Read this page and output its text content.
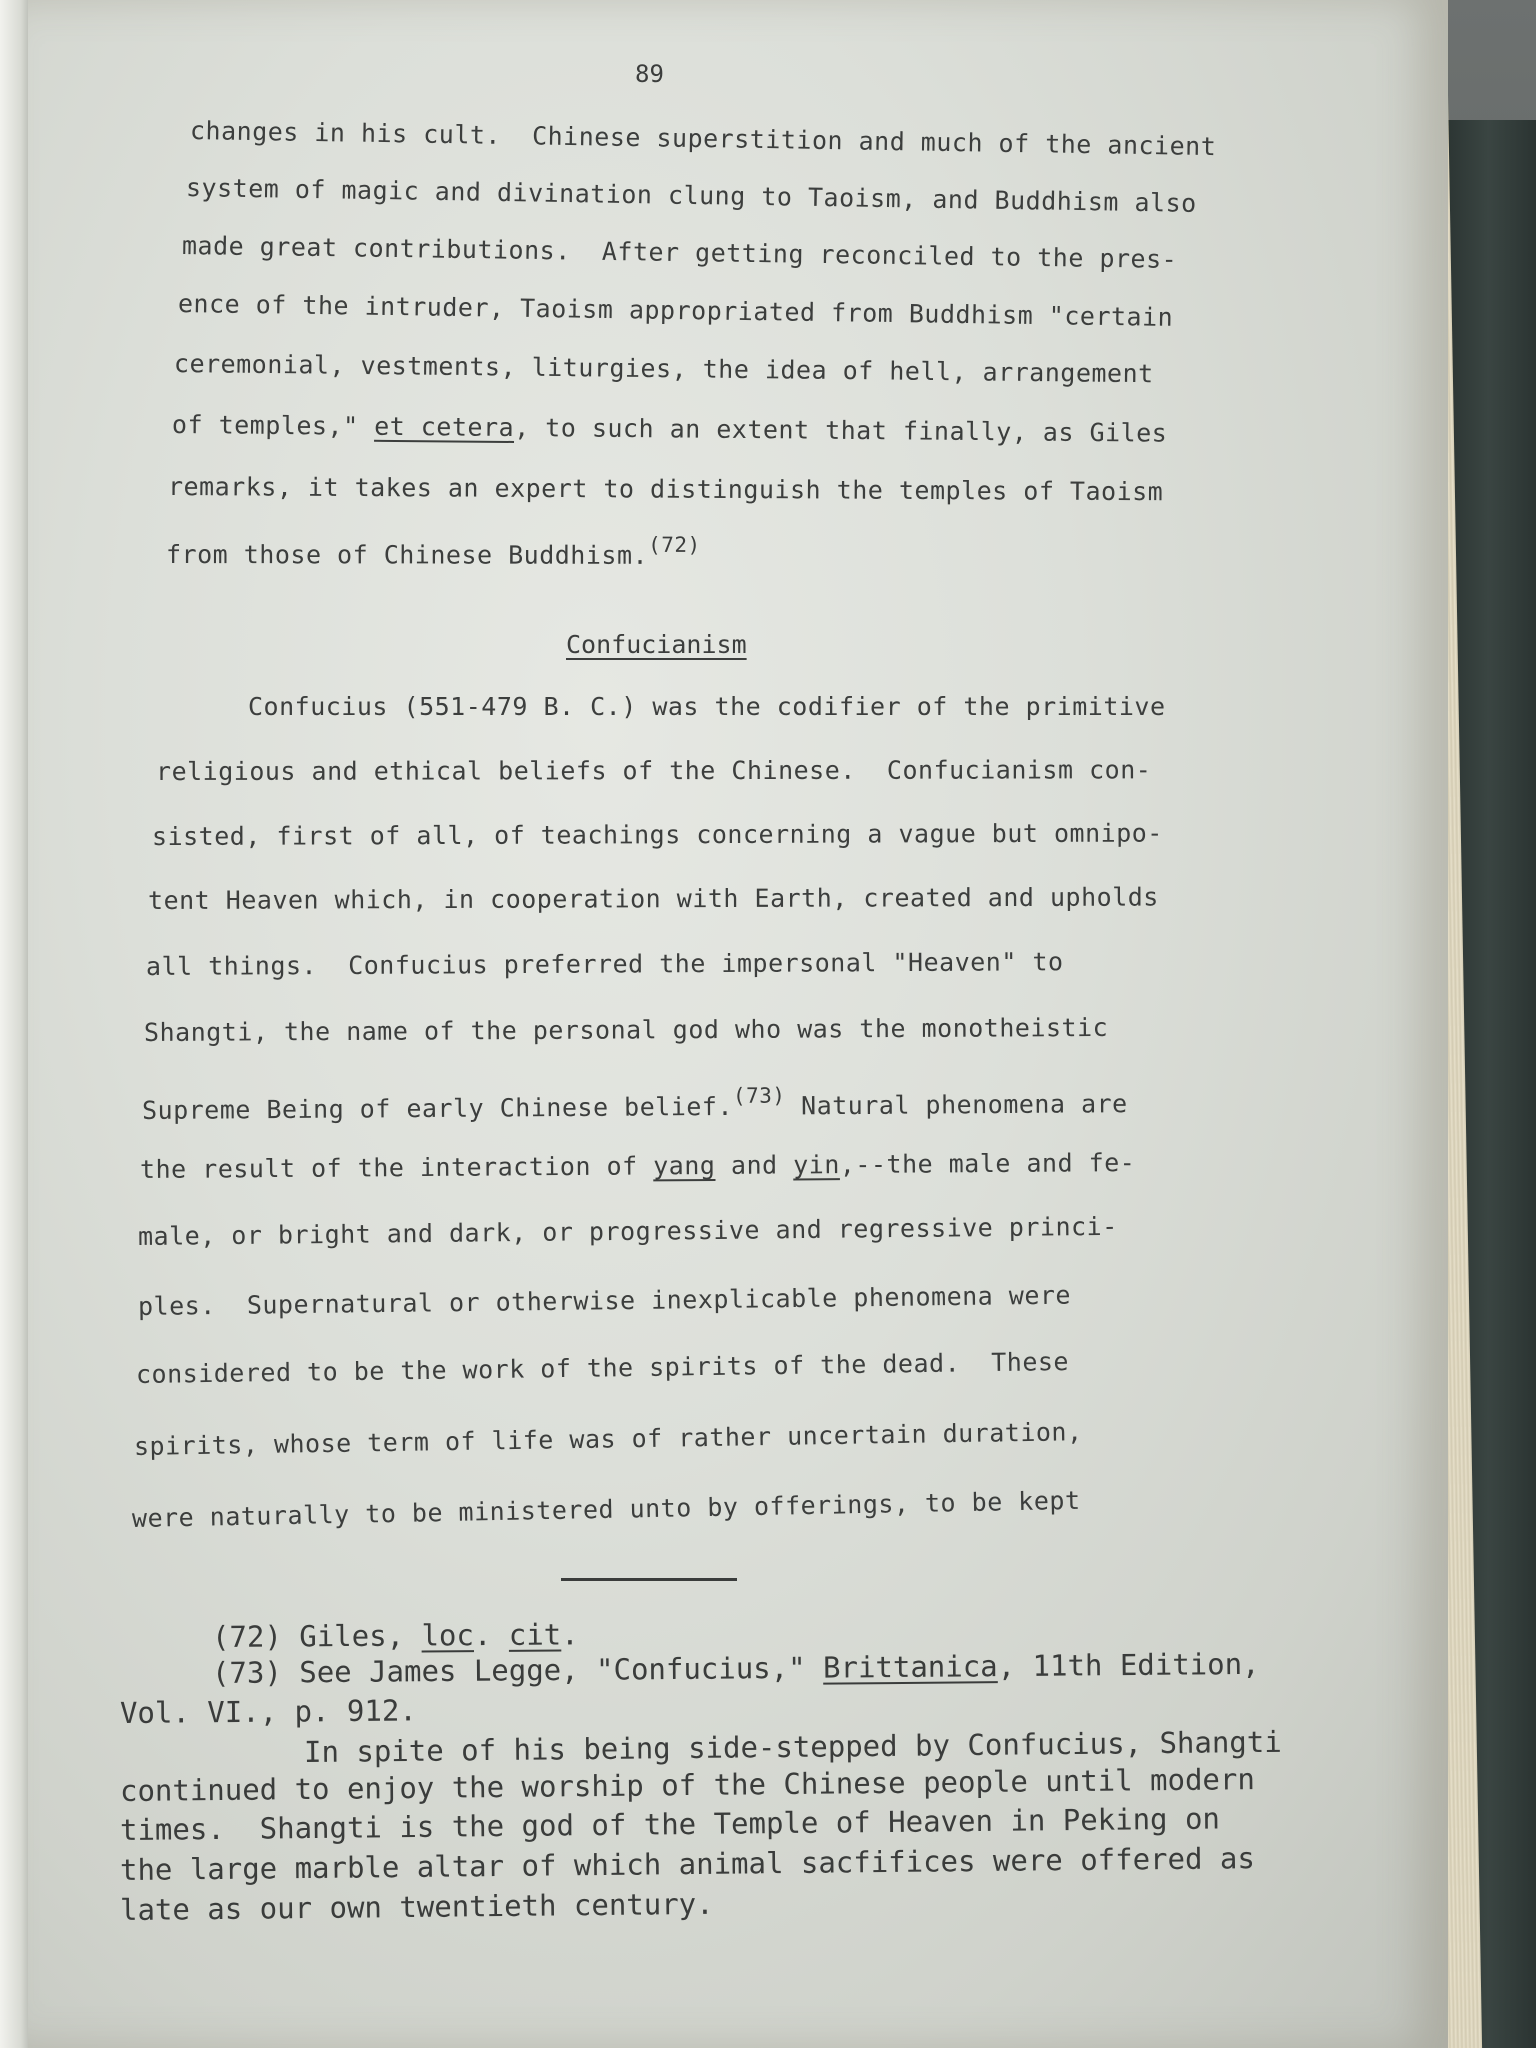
89
changes in his cult.  Chinese superstition and much of the ancient
system of magic and divination clung to Taoism, and Buddhism also
made great contributions.  After getting reconciled to the pres-
ence of the intruder, Taoism appropriated from Buddhism "certain
ceremonial, vestments, liturgies, the idea of hell, arrangement
of temples," et cetera, to such an extent that finally, as Giles
remarks, it takes an expert to distinguish the temples of Taoism
from those of Chinese Buddhism.$^{(72)}$
Confucianism
Confucius (551-479 B. C.) was the codifier of the primitive
religious and ethical beliefs of the Chinese.  Confucianism con-
sisted, first of all, of teachings concerning a vague but omnipo-
tent Heaven which, in cooperation with Earth, created and upholds
all things.  Confucius preferred the impersonal "Heaven" to
Shangti, the name of the personal god who was the monotheistic
Supreme Being of early Chinese belief.$^{(73)}$ Natural phenomena are
the result of the interaction of yang and yin,--the male and fe-
male, or bright and dark, or progressive and regressive princi-
ples.  Supernatural or otherwise inexplicable phenomena were
considered to be the work of the spirits of the dead.  These
spirits, whose term of life was of rather uncertain duration,
were naturally to be ministered unto by offerings, to be kept
(72) Giles, loc. cit.
(73) See James Legge, "Confucius," Brittanica, 11th Edition,
Vol. VI., p. 912.
In spite of his being side-stepped by Confucius, Shangti
continued to enjoy the worship of the Chinese people until modern
times.  Shangti is the god of the Temple of Heaven in Peking on
the large marble altar of which animal sacfifices were offered as
late as our own twentieth century.
